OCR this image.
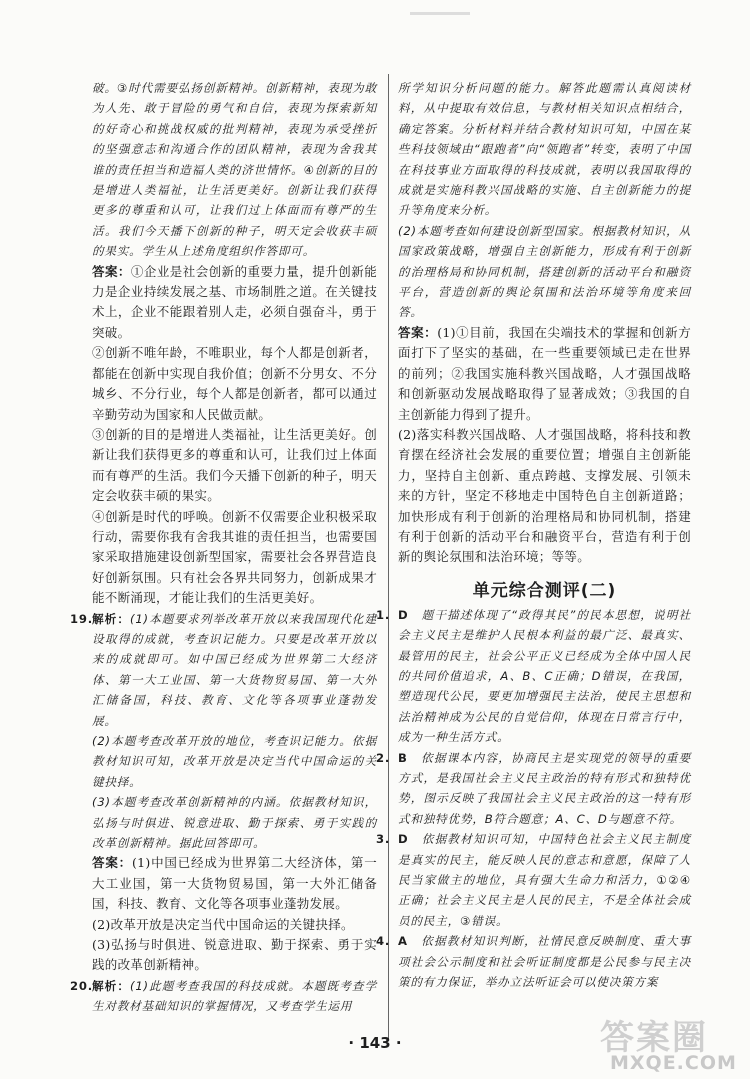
破。③时代需要弘扬创新精神。创新精神，表现为敢为人先、敢于冒险的勇气和自信，表现为探索新知的好奇心和挑战权威的批判精神，表现为承受挫折的坚强意志和沟通合作的团队精神，表现为舍我其谁的责任担当和造福人类的济世情怀。④创新的目的是增进人类福祉，让生活更美好。创新让我们获得更多的尊重和认可，让我们过上体面而有尊严的生活。我们今天播下创新的种子，明天定会收获丰硕的果实。学生从上述角度组织作答即可。

答案：①企业是社会创新的重要力量，提升创新能力是企业持续发展之基、市场制胜之道。在关键技术上，企业不能跟着别人走，必须自强奋斗，勇于突破。

②创新不唯年龄，不唯职业，每个人都是创新者，都能在创新中实现自我价值；创新不分男女、不分城乡、不分行业，每个人都是创新者，都可以通过辛勤劳动为国家和人民做贡献。

③创新的目的是增进人类福祉，让生活更美好。创新让我们获得更多的尊重和认可，让我们过上体面而有尊严的生活。我们今天播下创新的种子，明天定会收获丰硕的果实。

④创新是时代的呼唤。创新不仅需要企业积极采取行动，需要你我有舍我其谁的责任担当，也需要国家采取措施建设创新型国家，需要社会各界营造良好创新氛围。只有社会各界共同努力，创新成果才能不断涌现，才能让我们的生活更美好。

19. 解析：(1)本题要求列举改革开放以来我国现代化建设取得的成就，考查识记能力。只要是改革开放以来的成就即可。如中国已经成为世界第二大经济体、第一大工业国、第一大货物贸易国、第一大外汇储备国，科技、教育、文化等各项事业蓬勃发展。

(2)本题考查改革开放的地位，考查识记能力。依据教材知识可知，改革开放是决定当代中国命运的关键抉择。

(3)本题考查改革创新精神的内涵。依据教材知识，弘扬与时俱进、锐意进取、勤于探索、勇于实践的改革创新精神。据此回答即可。

答案：(1)中国已经成为世界第二大经济体，第一大工业国，第一大货物贸易国，第一大外汇储备国，科技、教育、文化等各项事业蓬勃发展。

(2)改革开放是决定当代中国命运的关键抉择。

(3)弘扬与时俱进、锐意进取、勤于探索、勇于实践的改革创新精神。

20. 解析：(1)此题考查我国的科技成就。本题既考查学生对教材基础知识的掌握情况，又考查学生运用

所学知识分析问题的能力。解答此题需认真阅读材料，从中提取有效信息，与教材相关知识点相结合，确定答案。分析材料并结合教材知识可知，中国在某些科技领域由“跟跑者”向“领跑者”转变，表明了中国在科技事业方面取得的科技成就，表明以我国取得的成就是实施科教兴国战略的实施、自主创新能力的提升等角度来分析。

(2)本题考查如何建设创新型国家。根据教材知识，从国家政策战略，增强自主创新能力，形成有利于创新的治理格局和协同机制，搭建创新的活动平台和融资平台，营造创新的舆论氛围和法治环境等角度来回答。

答案：(1)①目前，我国在尖端技术的掌握和创新方面打下了坚实的基础，在一些重要领域已走在世界的前列；②我国实施科教兴国战略，人才强国战略和创新驱动发展战略取得了显著成效；③我国的自主创新能力得到了提升。

(2)落实科教兴国战略、人才强国战略，将科技和教育摆在经济社会发展的重要位置；增强自主创新能力，坚持自主创新、重点跨越、支撑发展、引领未来的方针，坚定不移地走中国特色自主创新道路；加快形成有利于创新的治理格局和协同机制，搭建有利于创新的活动平台和融资平台，营造有利于创新的舆论氛围和法治环境；等等。

单元综合测评(二)

1. D　题干描述体现了“政得其民”的民本思想，说明社会主义民主是维护人民根本利益的最广泛、最真实、最管用的民主，社会公平正义已经成为全体中国人民的共同价值追求，A、B、C正确；D错误，在我国，塑造现代公民，要更加增强民主法治，使民主思想和法治精神成为公民的自觉信仰，体现在日常言行中，成为一种生活方式。

2. B　依据课本内容，协商民主是实现党的领导的重要方式，是我国社会主义民主政治的特有形式和独特优势，图示反映了我国社会主义民主政治的这一特有形式和独特优势，B符合题意；A、C、D与题意不符。

3. D　依据教材知识可知，中国特色社会主义民主制度是真实的民主，能反映人民的意志和意愿，保障了人民当家做主的地位，具有强大生命力和活力，①②④正确；社会主义民主是人民的民主，不是全体社会成员的民主，③错误。

4. A　依据教材知识判断，社情民意反映制度、重大事项社会公示制度和社会听证制度都是公民参与民主决策的有力保证，举办立法听证会可以使决策方案

· 143 ·	答案圈
MXQE.COM
